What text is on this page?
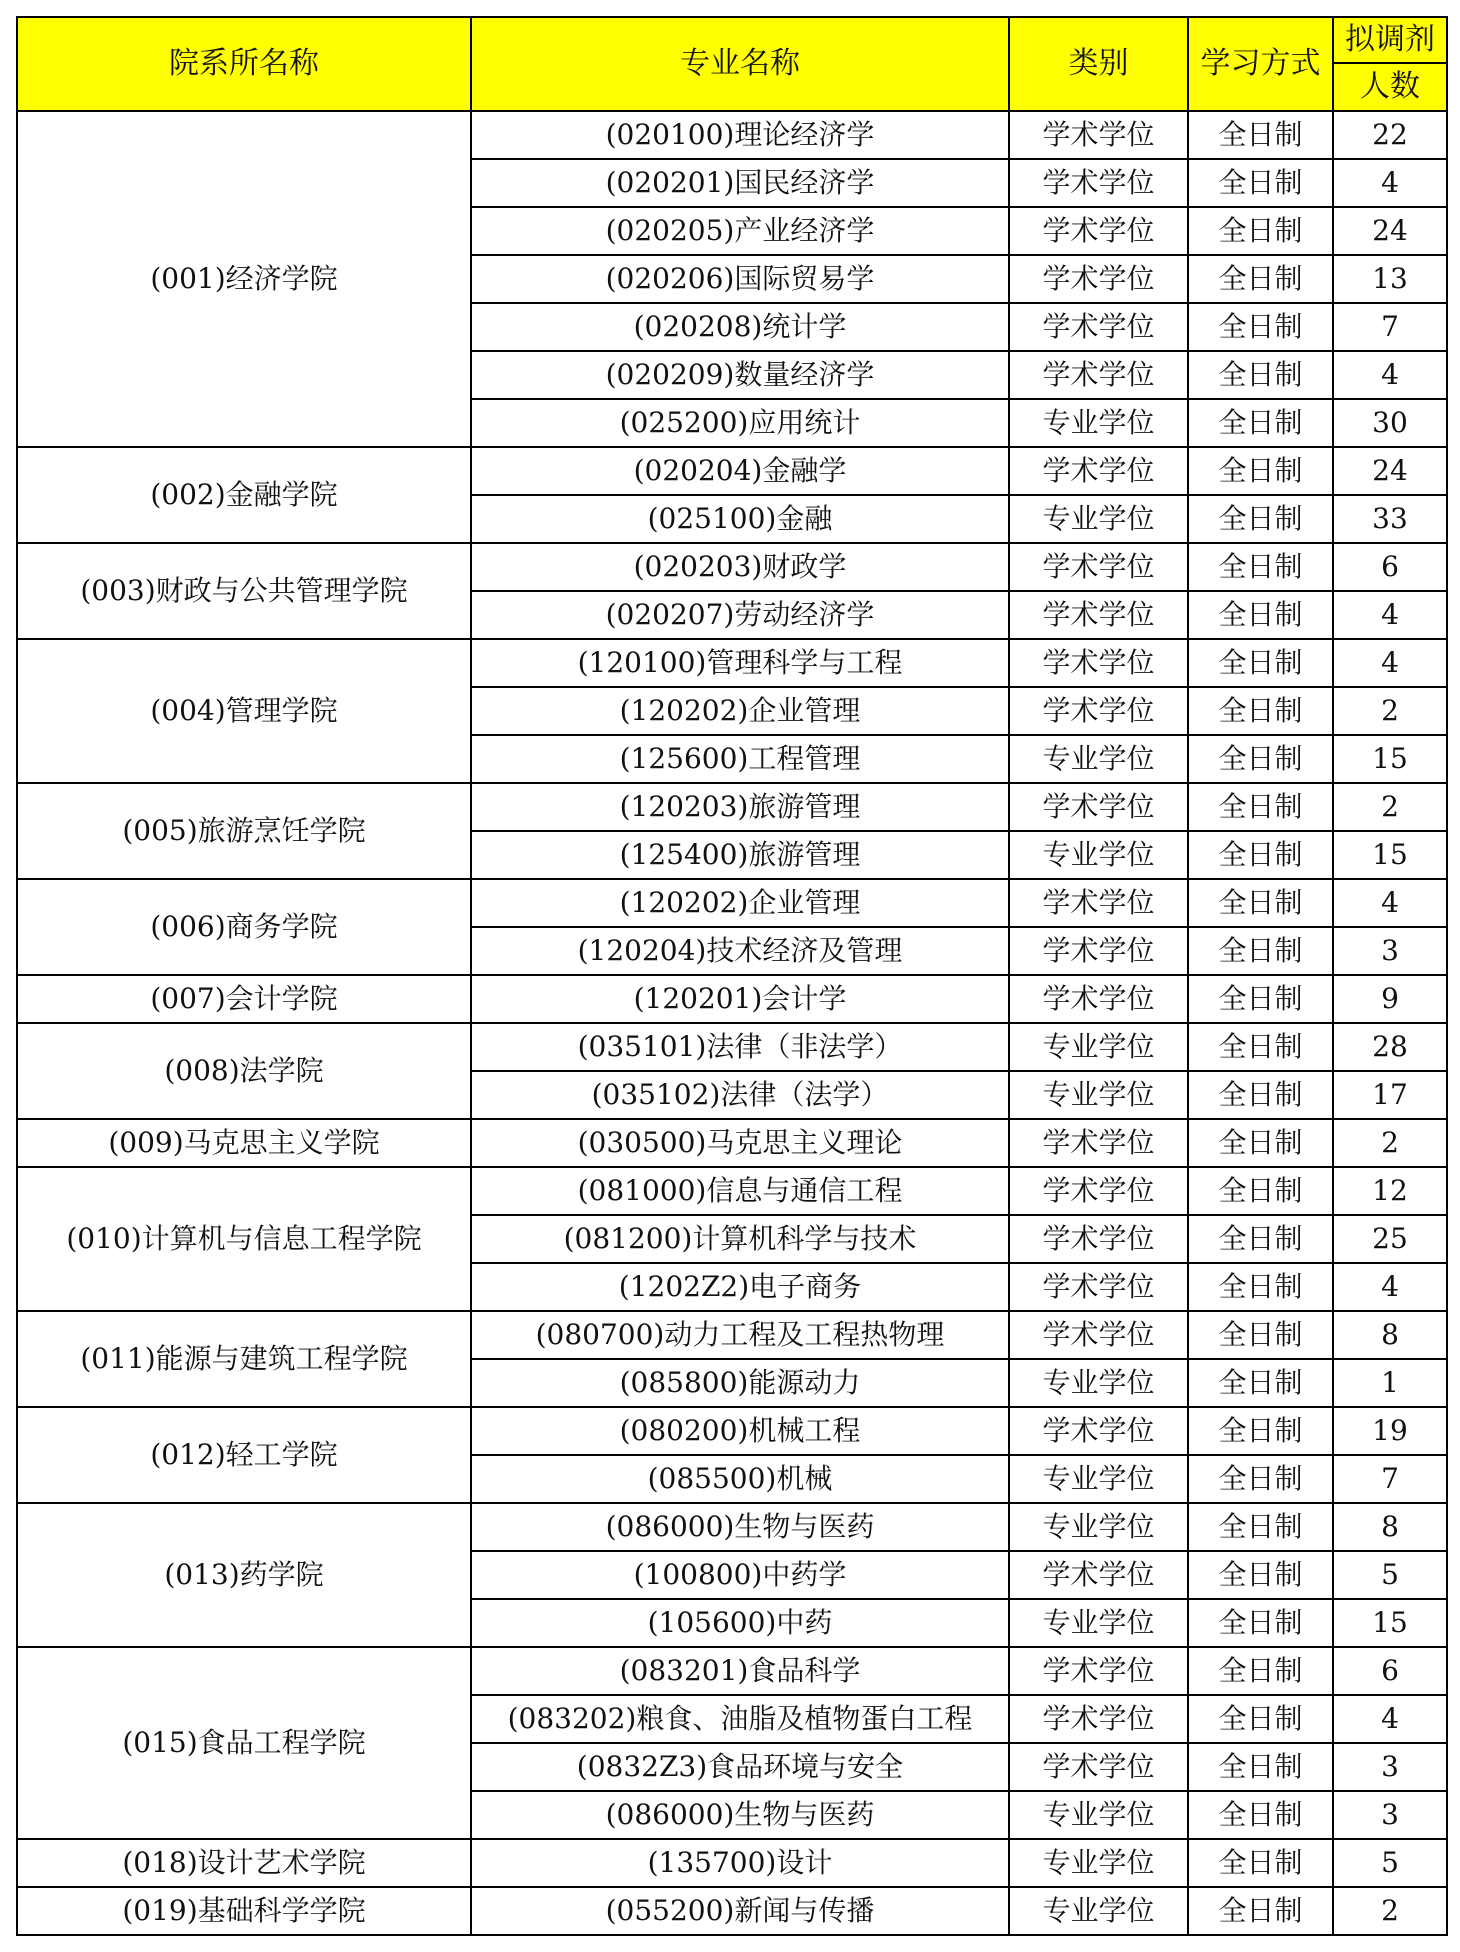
院系所名称	专业名称	类别	学习方式	拟调剂
				人数
(001)经济学院	(020100)理论经济学	学术学位	全日制	22
	(020201)国民经济学	学术学位	全日制	4
	(020205)产业经济学	学术学位	全日制	24
	(020206)国际贸易学	学术学位	全日制	13
	(020208)统计学	学术学位	全日制	7
	(020209)数量经济学	学术学位	全日制	4
	(025200)应用统计	专业学位	全日制	30
(002)金融学院	(020204)金融学	学术学位	全日制	24
	(025100)金融	专业学位	全日制	33
(003)财政与公共管理学院	(020203)财政学	学术学位	全日制	6
	(020207)劳动经济学	学术学位	全日制	4
(004)管理学院	(120100)管理科学与工程	学术学位	全日制	4
	(120202)企业管理	学术学位	全日制	2
	(125600)工程管理	专业学位	全日制	15
(005)旅游烹饪学院	(120203)旅游管理	学术学位	全日制	2
	(125400)旅游管理	专业学位	全日制	15
(006)商务学院	(120202)企业管理	学术学位	全日制	4
	(120204)技术经济及管理	学术学位	全日制	3
(007)会计学院	(120201)会计学	学术学位	全日制	9
(008)法学院	(035101)法律（非法学）	专业学位	全日制	28
	(035102)法律（法学）	专业学位	全日制	17
(009)马克思主义学院	(030500)马克思主义理论	学术学位	全日制	2
(010)计算机与信息工程学院	(081000)信息与通信工程	学术学位	全日制	12
	(081200)计算机科学与技术	学术学位	全日制	25
	(1202Z2)电子商务	学术学位	全日制	4
(011)能源与建筑工程学院	(080700)动力工程及工程热物理	学术学位	全日制	8
	(085800)能源动力	专业学位	全日制	1
(012)轻工学院	(080200)机械工程	学术学位	全日制	19
	(085500)机械	专业学位	全日制	7
(013)药学院	(086000)生物与医药	专业学位	全日制	8
	(100800)中药学	学术学位	全日制	5
	(105600)中药	专业学位	全日制	15
(015)食品工程学院	(083201)食品科学	学术学位	全日制	6
	(083202)粮食、油脂及植物蛋白工程	学术学位	全日制	4
	(0832Z3)食品环境与安全	学术学位	全日制	3
	(086000)生物与医药	专业学位	全日制	3
(018)设计艺术学院	(135700)设计	专业学位	全日制	5
(019)基础科学学院	(055200)新闻与传播	专业学位	全日制	2
